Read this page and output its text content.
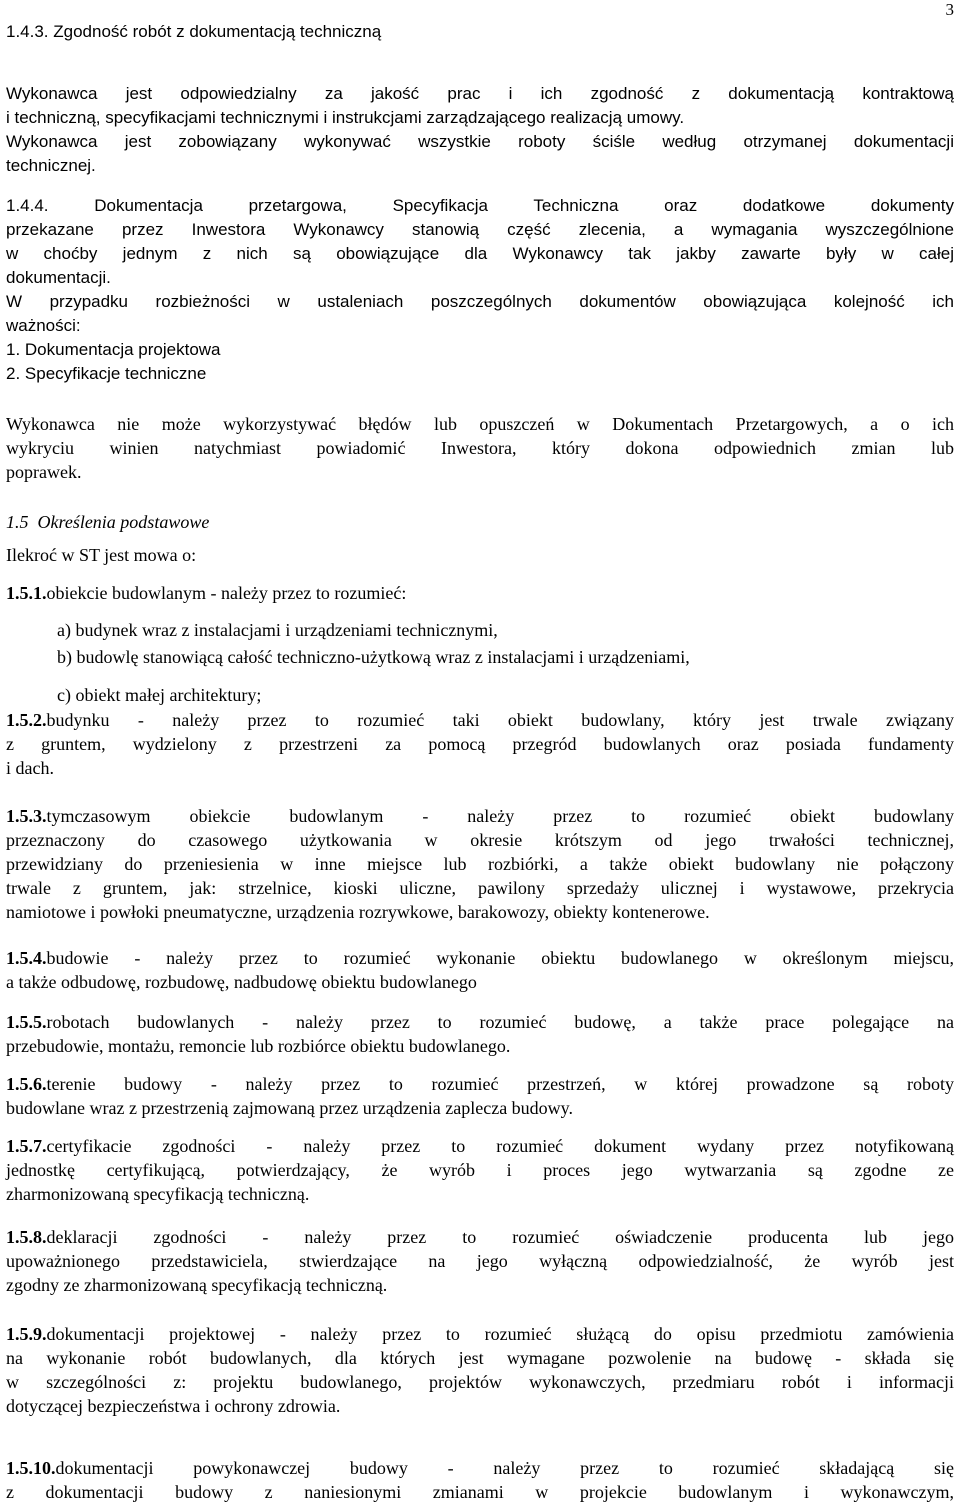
3
1.4.3. Zgodność robót z dokumentacją techniczną
Wykonawca jest odpowiedzialny za jakość prac i ich zgodność z dokumentacją kontraktową
i techniczną, specyfikacjami technicznymi i instrukcjami zarządzającego realizacją umowy.
Wykonawca jest zobowiązany wykonywać wszystkie roboty ściśle według otrzymanej dokumentacji
technicznej.
1.4.4. Dokumentacja przetargowa, Specyfikacja Techniczna oraz dodatkowe dokumenty
przekazane przez Inwestora Wykonawcy stanowią część zlecenia, a wymagania wyszczególnione
w choćby jednym z nich są obowiązujące dla Wykonawcy tak jakby zawarte były w całej
dokumentacji.
W przypadku rozbieżności w ustaleniach poszczególnych dokumentów obowiązująca kolejność ich
ważności:
1. Dokumentacja projektowa
2. Specyfikacje techniczne
Wykonawca nie może wykorzystywać błędów lub opuszczeń w Dokumentach Przetargowych, a o ich
wykryciu winien natychmiast powiadomić Inwestora, który dokona odpowiednich zmian lub
poprawek.
1.5  Określenia podstawowe
Ilekroć w ST jest mowa o:
1.5.1.obiekcie budowlanym - należy przez to rozumieć:
a) budynek wraz z instalacjami i urządzeniami technicznymi,
b) budowlę stanowiącą całość techniczno-użytkową wraz z instalacjami i urządzeniami,
c) obiekt małej architektury;
1.5.2.budynku - należy przez to rozumieć taki obiekt budowlany, który jest trwale związany
z gruntem, wydzielony z przestrzeni za pomocą przegród budowlanych oraz posiada fundamenty
i dach.
1.5.3.tymczasowym obiekcie budowlanym - należy przez to rozumieć obiekt budowlany
przeznaczony do czasowego użytkowania w okresie krótszym od jego trwałości technicznej,
przewidziany do przeniesienia w inne miejsce lub rozbiórki, a także obiekt budowlany nie połączony
trwale z gruntem, jak: strzelnice, kioski uliczne, pawilony sprzedaży ulicznej i wystawowe, przekrycia
namiotowe i powłoki pneumatyczne, urządzenia rozrywkowe, barakowozy, obiekty kontenerowe.
1.5.4.budowie - należy przez to rozumieć wykonanie obiektu budowlanego w określonym miejscu,
a także odbudowę, rozbudowę, nadbudowę obiektu budowlanego
1.5.5.robotach budowlanych - należy przez to rozumieć budowę, a także prace polegające na
przebudowie, montażu, remoncie lub rozbiórce obiektu budowlanego.
1.5.6.terenie budowy - należy przez to rozumieć przestrzeń, w której prowadzone są roboty
budowlane wraz z przestrzenią zajmowaną przez urządzenia zaplecza budowy.
1.5.7.certyfikacie zgodności - należy przez to rozumieć dokument wydany przez notyfikowaną
jednostkę certyfikującą, potwierdzający, że wyrób i proces jego wytwarzania są zgodne ze
zharmonizowaną specyfikacją techniczną.
1.5.8.deklaracji zgodności - należy przez to rozumieć oświadczenie producenta lub jego
upoważnionego przedstawiciela, stwierdzające na jego wyłączną odpowiedzialność, że wyrób jest
zgodny ze zharmonizowaną specyfikacją techniczną.
1.5.9.dokumentacji projektowej - należy przez to rozumieć służącą do opisu przedmiotu zamówienia
na wykonanie robót budowlanych, dla których jest wymagane pozwolenie na budowę - składa się
w szczególności z: projektu budowlanego, projektów wykonawczych, przedmiaru robót i informacji
dotyczącej bezpieczeństwa i ochrony zdrowia.
1.5.10.dokumentacji powykonawczej budowy - należy przez to rozumieć składającą się
z dokumentacji budowy z naniesionymi zmianami w projekcie budowlanym i wykonawczym,
